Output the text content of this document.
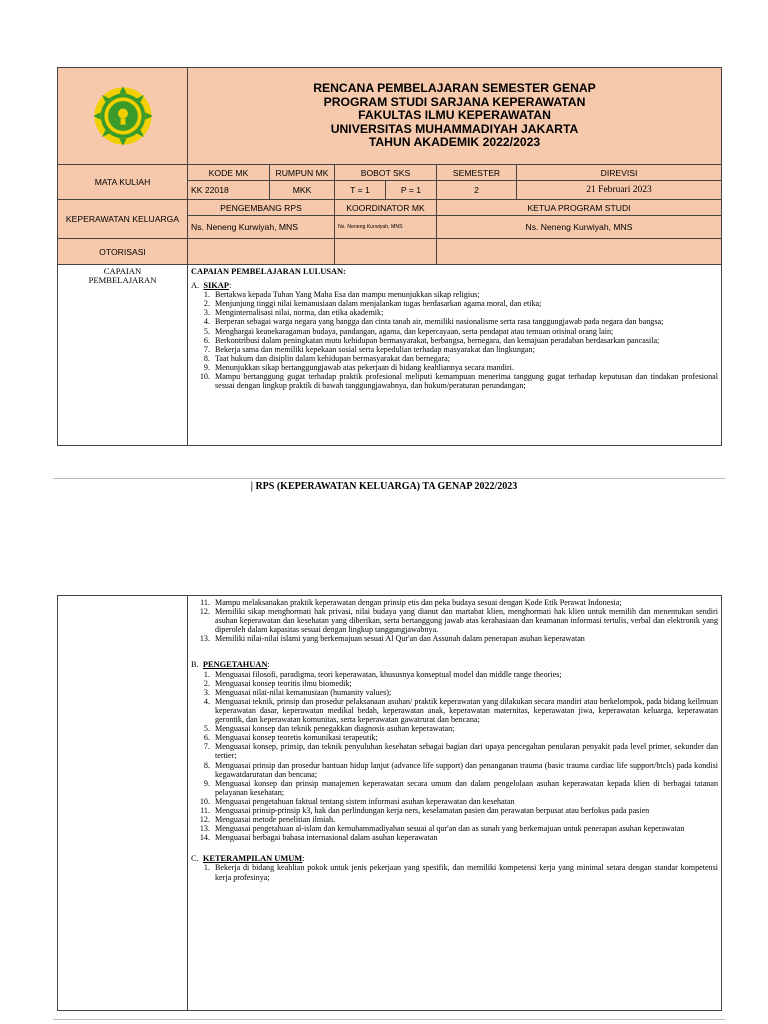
RENCANA PEMBELAJARAN SEMESTER GENAP
PROGRAM STUDI SARJANA KEPERAWATAN
FAKULTAS ILMU KEPERAWATAN
UNIVERSITAS MUHAMMADIYAH JAKARTA
TAHUN AKADEMIK 2022/2023					

MATA KULIAH	KODE MK	RUMPUN MK	BOBOT SKS		SEMESTER	DIREVISI
	KK 22018	MKK	T = 1	P = 1	2	21 Februari 2023
KEPERAWATAN KELUARGA	PENGEMBANG RPS		KOORDINATOR MK		KETUA PROGRAM STUDI	
	Ns. Neneng Kurwiyah, MNS		Ns. Neneng Kurwiyah, MNS		Ns. Neneng Kurwiyah, MNS	
OTORISASI						
CAPAIAN PEMBELAJARAN

CAPAIAN PEMBELAJARAN LULUSAN:
A. SIKAP:
1. Bertakwa kepada Tuhan Yang Maha Esa dan mampu menunjukkan sikap religius;
2. Menjunjung tinggi nilai kemanusiaan dalam menjalankan tugas berdasarkan agama moral, dan etika;
3. Menginternalisasi nilai, norma, dan etika akademik;
4. Berperan sebagai warga negara yang bangga dan cinta tanah air, memiliki nasionalisme serta rasa tanggungjawab pada negara dan bangsa;
5. Menghargai keanekaragaman budaya, pandangan, agama, dan kepercayaan, serta pendapat atau temuan orisinal orang lain;
6. Berkontribusi dalam peningkatan mutu kehidupan bermasyarakat, berbangsa, bernegara, dan kemajuan peradaban berdasarkan pancasila;
7. Bekerja sama dan memiliki kepekaan sosial serta kepedulian terhadap masyarakat dan lingkungan;
8. Taat hukum dan disiplin dalam kehidupan bermasyarakat dan bernegara;
9. Menunjukkan sikap bertanggungjawab atas pekerjaan di bidang keahliannya secara mandiri.
10. Mampu bertanggung gugat terhadap praktik profesional meliputi kemampuan menerima tanggung gugat terhadap keputusan dan tindakan profesional sesuai dengan lingkup praktik di bawah tanggungjawabnya, dan hukum/peraturan perundangan;
| RPS (KEPERAWATAN KELUARGA) TA GENAP 2022/2023

11. Mampu melaksanakan praktik keperawatan dengan prinsip etis dan peka budaya sesuai dengan Kode Etik Perawat Indonesia;
12. Memiliki sikap menghormati hak privasi, nilai budaya yang dianut dan martabat klien, menghormati hak klien untuk memilih dan menentukan sendiri asuhan keperawatan dan kesehatan yang diberikan, serta bertanggung jawab atas kerahasiaan dan keamanan informasi tertulis, verbal dan elektronik yang diperoleh dalam kapasitas sesuai dengan lingkup tanggungjawabnya.
13. Memiliki nilai-nilai islami yang berkemajuan sesuai Al Qur'an dan Assunah dalam penerapan asuhan keperawatan
B. PENGETAHUAN:
1. Menguasai filosofi, paradigma, teori keperawatan, khususnya konseptual model dan middle range theories;
2. Menguasai konsep teoritis ilmu biomedik;
3. Menguasai nilai-nilai kemanusiaan (humanity values);
4. Menguasai teknik, prinsip dan prosedur pelaksanaan asuhan/ praktik keperawatan yang dilakukan secara mandiri atau berkelompok, pada bidang keilmuan keperawatan dasar, keperawatan medikal bedah, keperawatan anak, keperawatan maternitas, keperawatan jiwa, keperawatan keluarga, keperawatan gerontik, dan keperawatan komunitas, serta keperawatan gawatrurat dan bencana;
5. Menguasai konsep dan teknik penegakkan diagnosis asuhan keperawatan;
6. Menguasai konsep teoretis komunikasi terapeutik;
7. Menguasai konsep, prinsip, dan teknik penyuluhan kesehatan sebagai bagian dari upaya pencegahan penularan penyakit pada level primer, sekunder dan tertier;
8. Menguasai prinsip dan prosedur bantuan hidup lanjut (advance life support) dan penanganan trauma (basic trauma cardiac life support/btcls) pada kondisi kegawatdaruratan dan bencana;
9. Menguasai konsep dan prinsip manajemen keperawatan secara umum dan dalam pengelolaan asuhan keperawatan kepada klien di berbagai tatanan pelayanan kesehatan;
10. Menguasai pengetahuan faktual tentang sistem informasi asuhan keperawatan dan kesehatan
11. Menguasai prinsip-prinsip k3, hak dan perlindungan kerja ners, keselamatan pasien dan perawatan berpusat atau berfokus pada pasien
12. Menguasai metode penelitian ilmiah.
13. Menguasai pengetahuan al-islam dan kemuhammadiyahan sesuai al qur'an dan as sunah yang berkemajuan untuk penerapan asuhan keperawatan
14. Menguasai berbagai bahasa internasional dalam asuhan keperawatan
C. KETERAMPILAN UMUM:
1. Bekerja di bidang keahlian pokok untuk jenis pekerjaan yang spesifik, dan memiliki kompetensi kerja yang minimal setara dengan standar kompetensi kerja profesinya;
